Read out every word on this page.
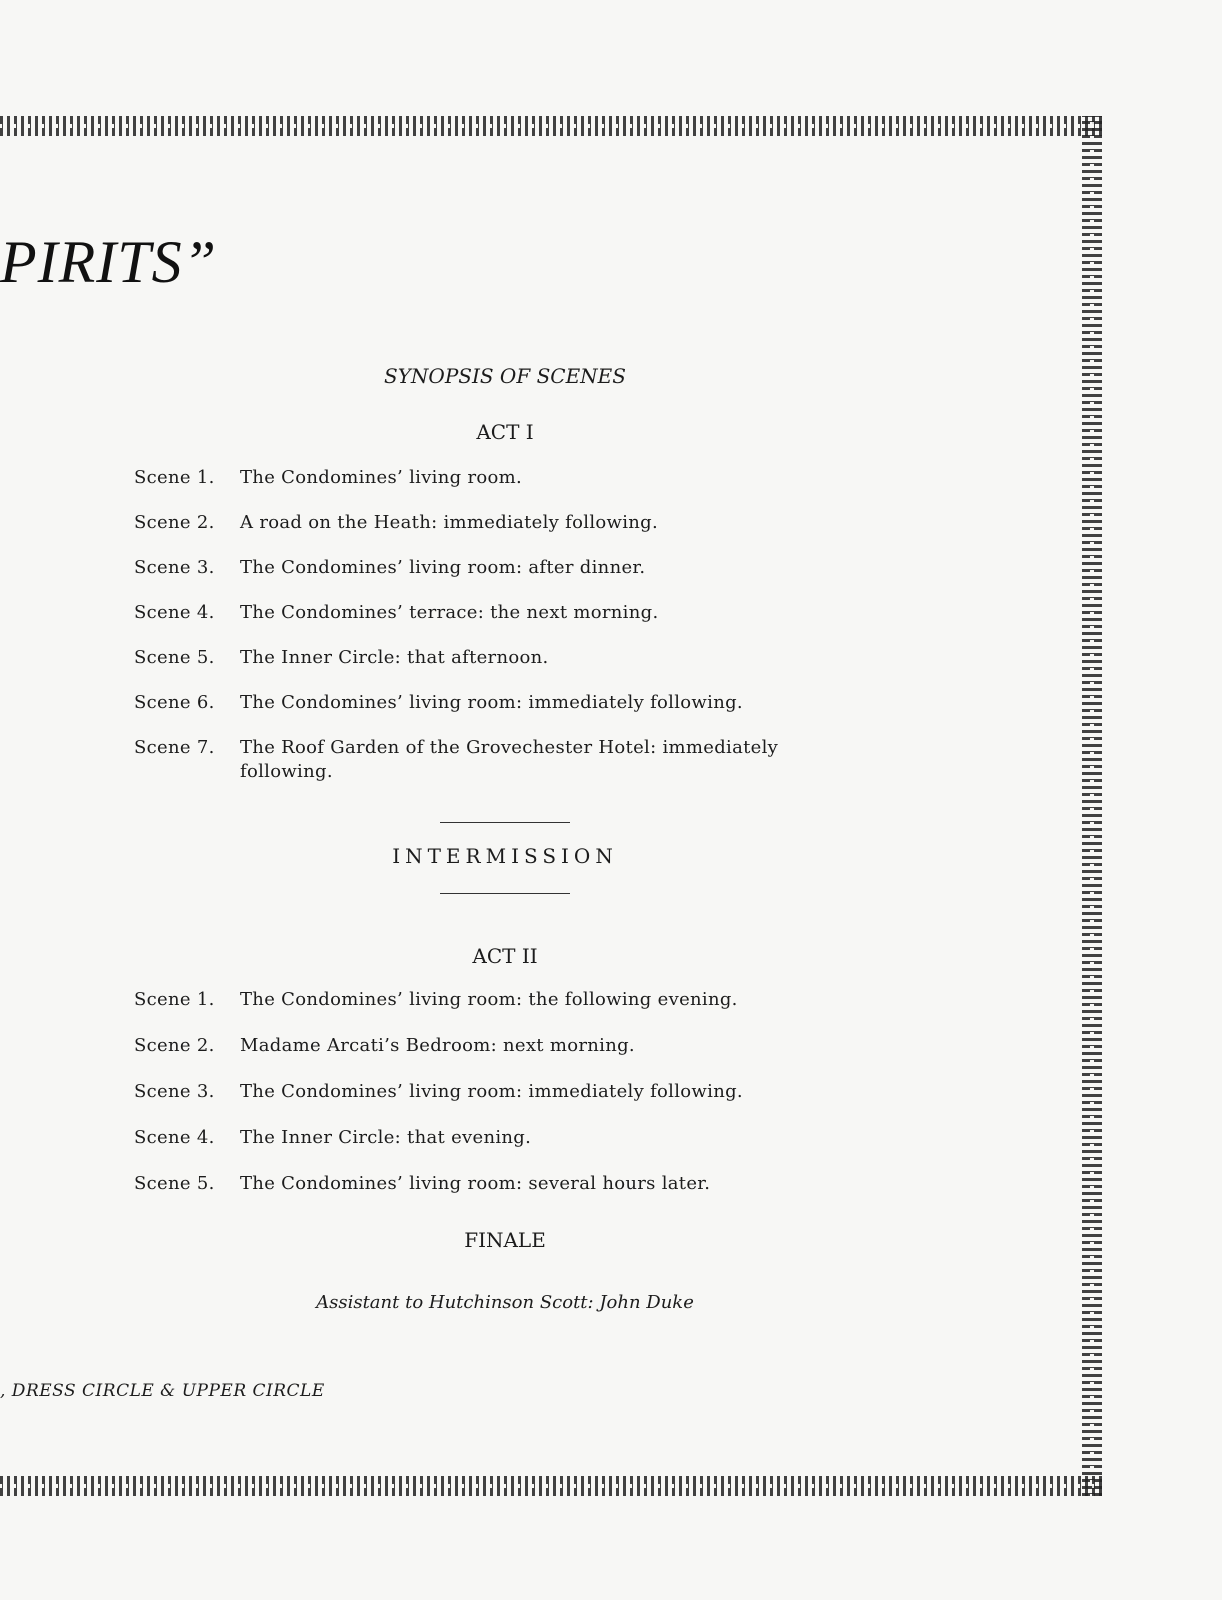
PIRITS”
SYNOPSIS OF SCENES
ACT I
Scene 1.	The Condomines’ living room.
Scene 2.	A road on the Heath: immediately following.
Scene 3.	The Condomines’ living room: after dinner.
Scene 4.	The Condomines’ terrace: the next morning.
Scene 5.	The Inner Circle: that afternoon.
Scene 6.	The Condomines’ living room: immediately following.
Scene 7.	The Roof Garden of the Grovechester Hotel: immediately following.
INTERMISSION
ACT II
Scene 1.	The Condomines’ living room: the following evening.
Scene 2.	Madame Arcati’s Bedroom: next morning.
Scene 3.	The Condomines’ living room: immediately following.
Scene 4.	The Inner Circle: that evening.
Scene 5.	The Condomines’ living room: several hours later.
FINALE
Assistant to Hutchinson Scott: John Duke
, DRESS CIRCLE & UPPER CIRCLE
